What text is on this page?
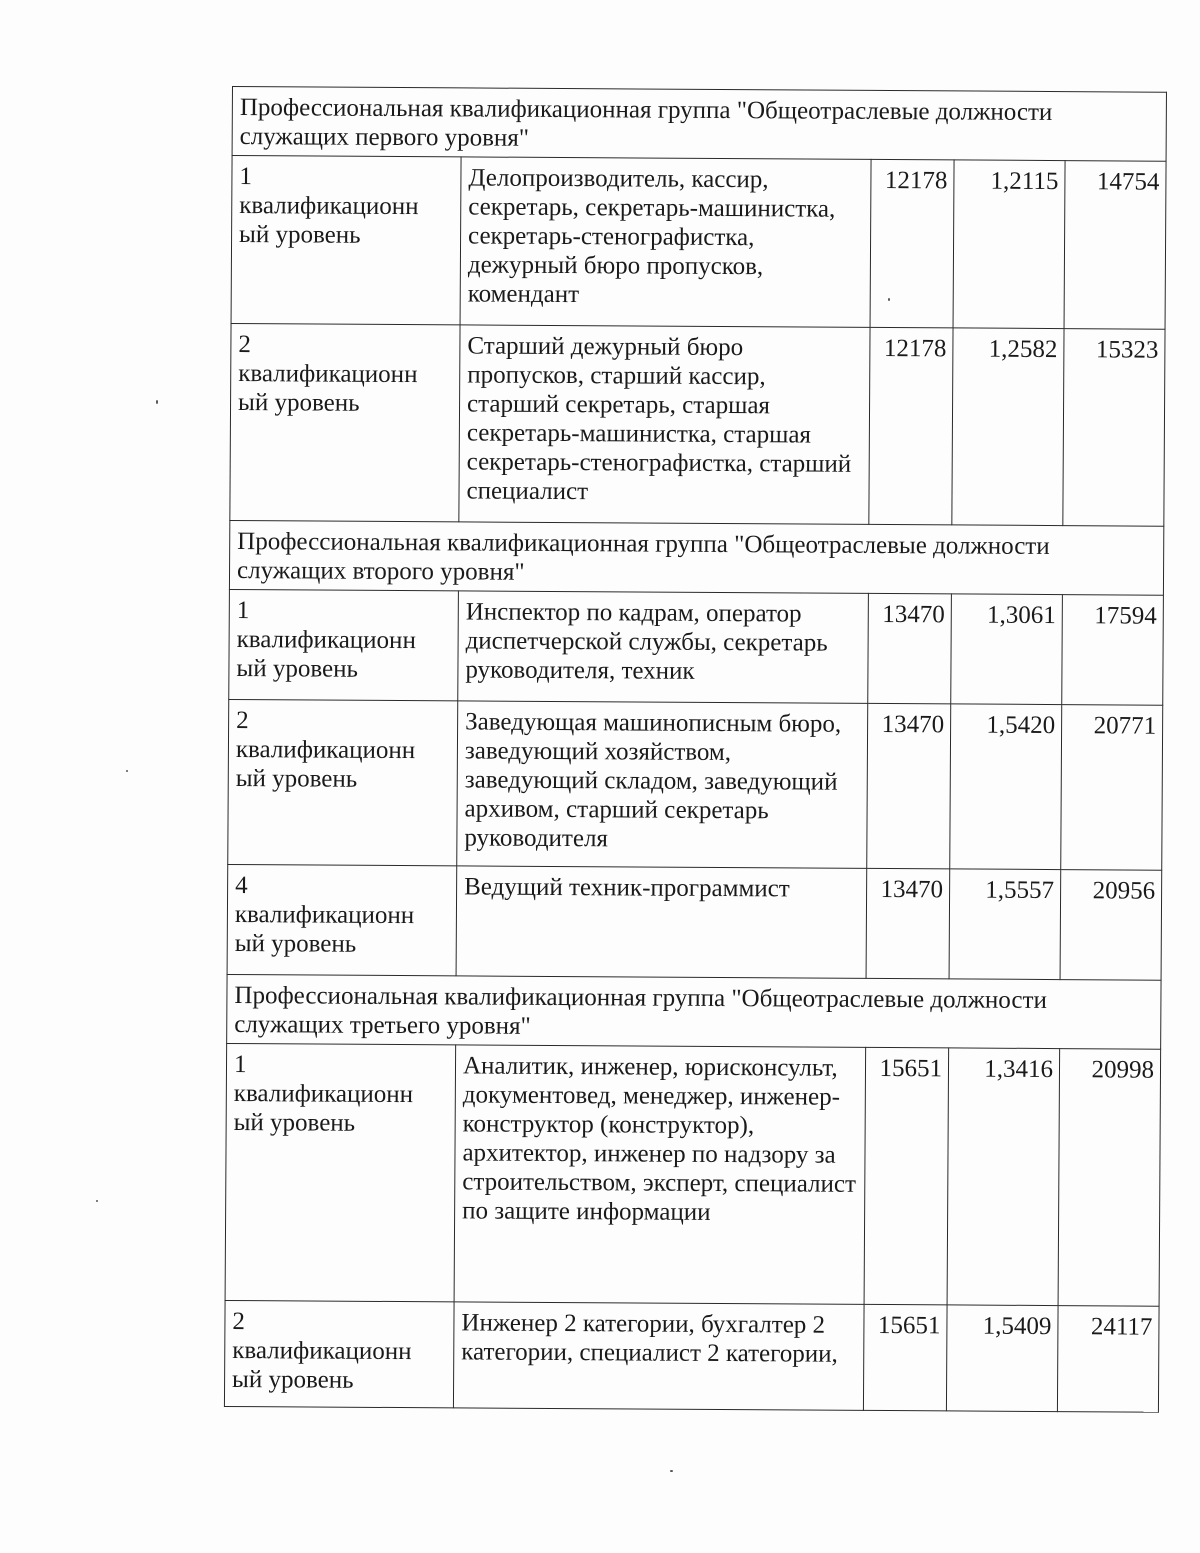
Профессиональная квалификационная группа "Общеотраслевые должности служащих первого уровня"				
1
квалификационн
ый уровень	Делопроизводитель, кассир, секретарь, секретарь-машинистка, секретарь-стенографистка, дежурный бюро пропусков, комендант	12178	1,2115	14754
2
квалификационн
ый уровень	Старший дежурный бюро пропусков, старший кассир, старший секретарь, старшая секретарь-машинистка, старшая секретарь-стенографистка, старший специалист	12178	1,2582	15323
Профессиональная квалификационная группа "Общеотраслевые должности служащих второго уровня"				
1
квалификационн
ый уровень	Инспектор по кадрам, оператор диспетчерской службы, секретарь руководителя, техник	13470	1,3061	17594
2
квалификационн
ый уровень	Заведующая машинописным бюро, заведующий хозяйством, заведующий складом, заведующий архивом, старший секретарь руководителя	13470	1,5420	20771
4
квалификационн
ый уровень	Ведущий техник-программист	13470	1,5557	20956
Профессиональная квалификационная группа "Общеотраслевые должности служащих третьего уровня"				
1
квалификационн
ый уровень	Аналитик, инженер, юрисконсульт, документовед, менеджер, инженер-конструктор (конструктор), архитектор, инженер по надзору за строительством, эксперт, специалист по защите информации	15651	1,3416	20998
2
квалификационн
ый уровень	Инженер 2 категории, бухгалтер 2 категории, специалист 2 категории,	15651	1,5409	24117
